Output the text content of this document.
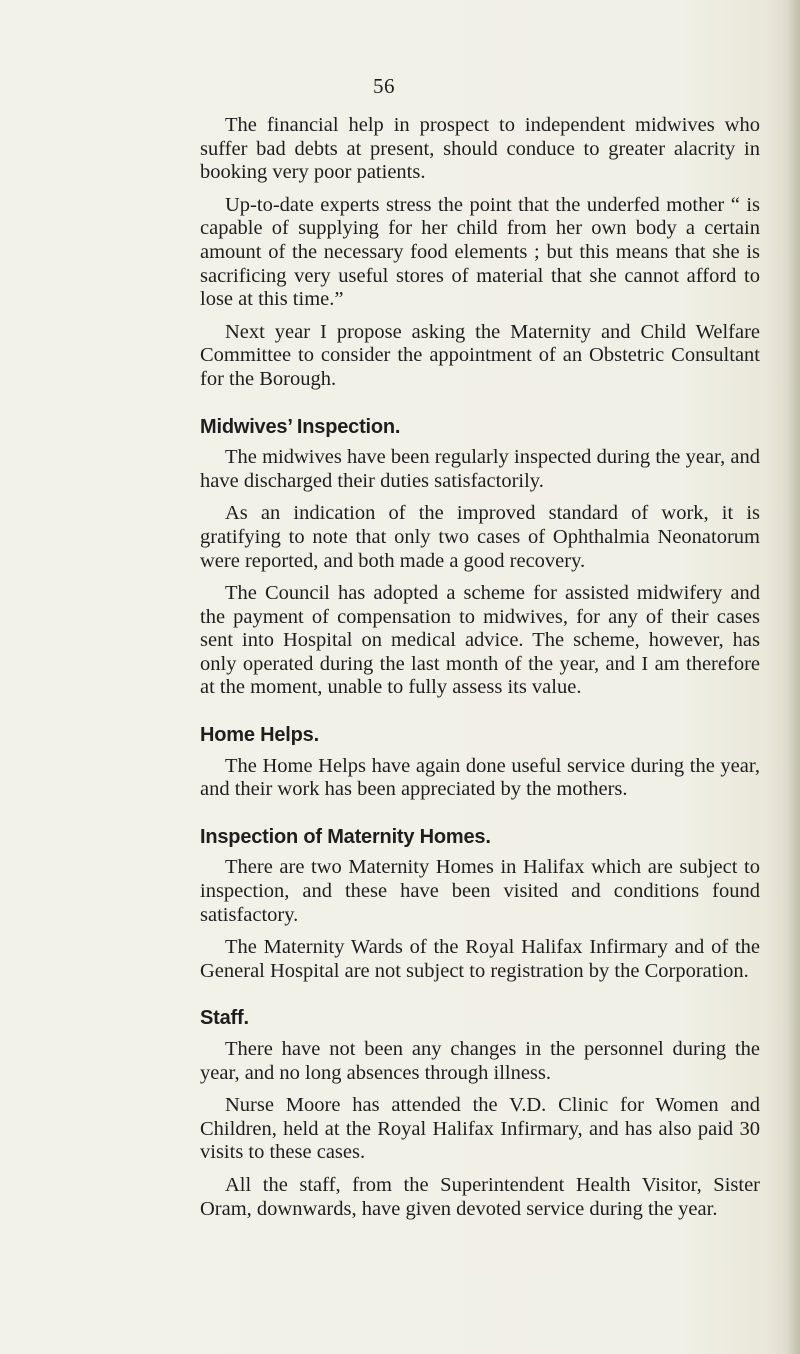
56

The financial help in prospect to independent midwives who suffer bad debts at present, should conduce to greater alacrity in booking very poor patients.

Up-to-date experts stress the point that the underfed mother “ is capable of supplying for her child from her own body a certain amount of the necessary food elements ; but this means that she is sacrificing very useful stores of material that she cannot afford to lose at this time.”

Next year I propose asking the Maternity and Child Welfare Committee to consider the appointment of an Obstetric Consultant for the Borough.

Midwives’ Inspection.

The midwives have been regularly inspected during the year, and have discharged their duties satisfactorily.

As an indication of the improved standard of work, it is gratifying to note that only two cases of Ophthalmia Neonatorum were reported, and both made a good recovery.

The Council has adopted a scheme for assisted midwifery and the payment of compensation to midwives, for any of their cases sent into Hospital on medical advice. The scheme, however, has only operated during the last month of the year, and I am therefore at the moment, unable to fully assess its value.

Home Helps.

The Home Helps have again done useful service during the year, and their work has been appreciated by the mothers.

Inspection of Maternity Homes.

There are two Maternity Homes in Halifax which are subject to inspection, and these have been visited and conditions found satisfactory.

The Maternity Wards of the Royal Halifax Infirmary and of the General Hospital are not subject to registration by the Corporation.

Staff.

There have not been any changes in the personnel during the year, and no long absences through illness.

Nurse Moore has attended the V.D. Clinic for Women and Children, held at the Royal Halifax Infirmary, and has also paid 30 visits to these cases.

All the staff, from the Superintendent Health Visitor, Sister Oram, downwards, have given devoted service during the year.
